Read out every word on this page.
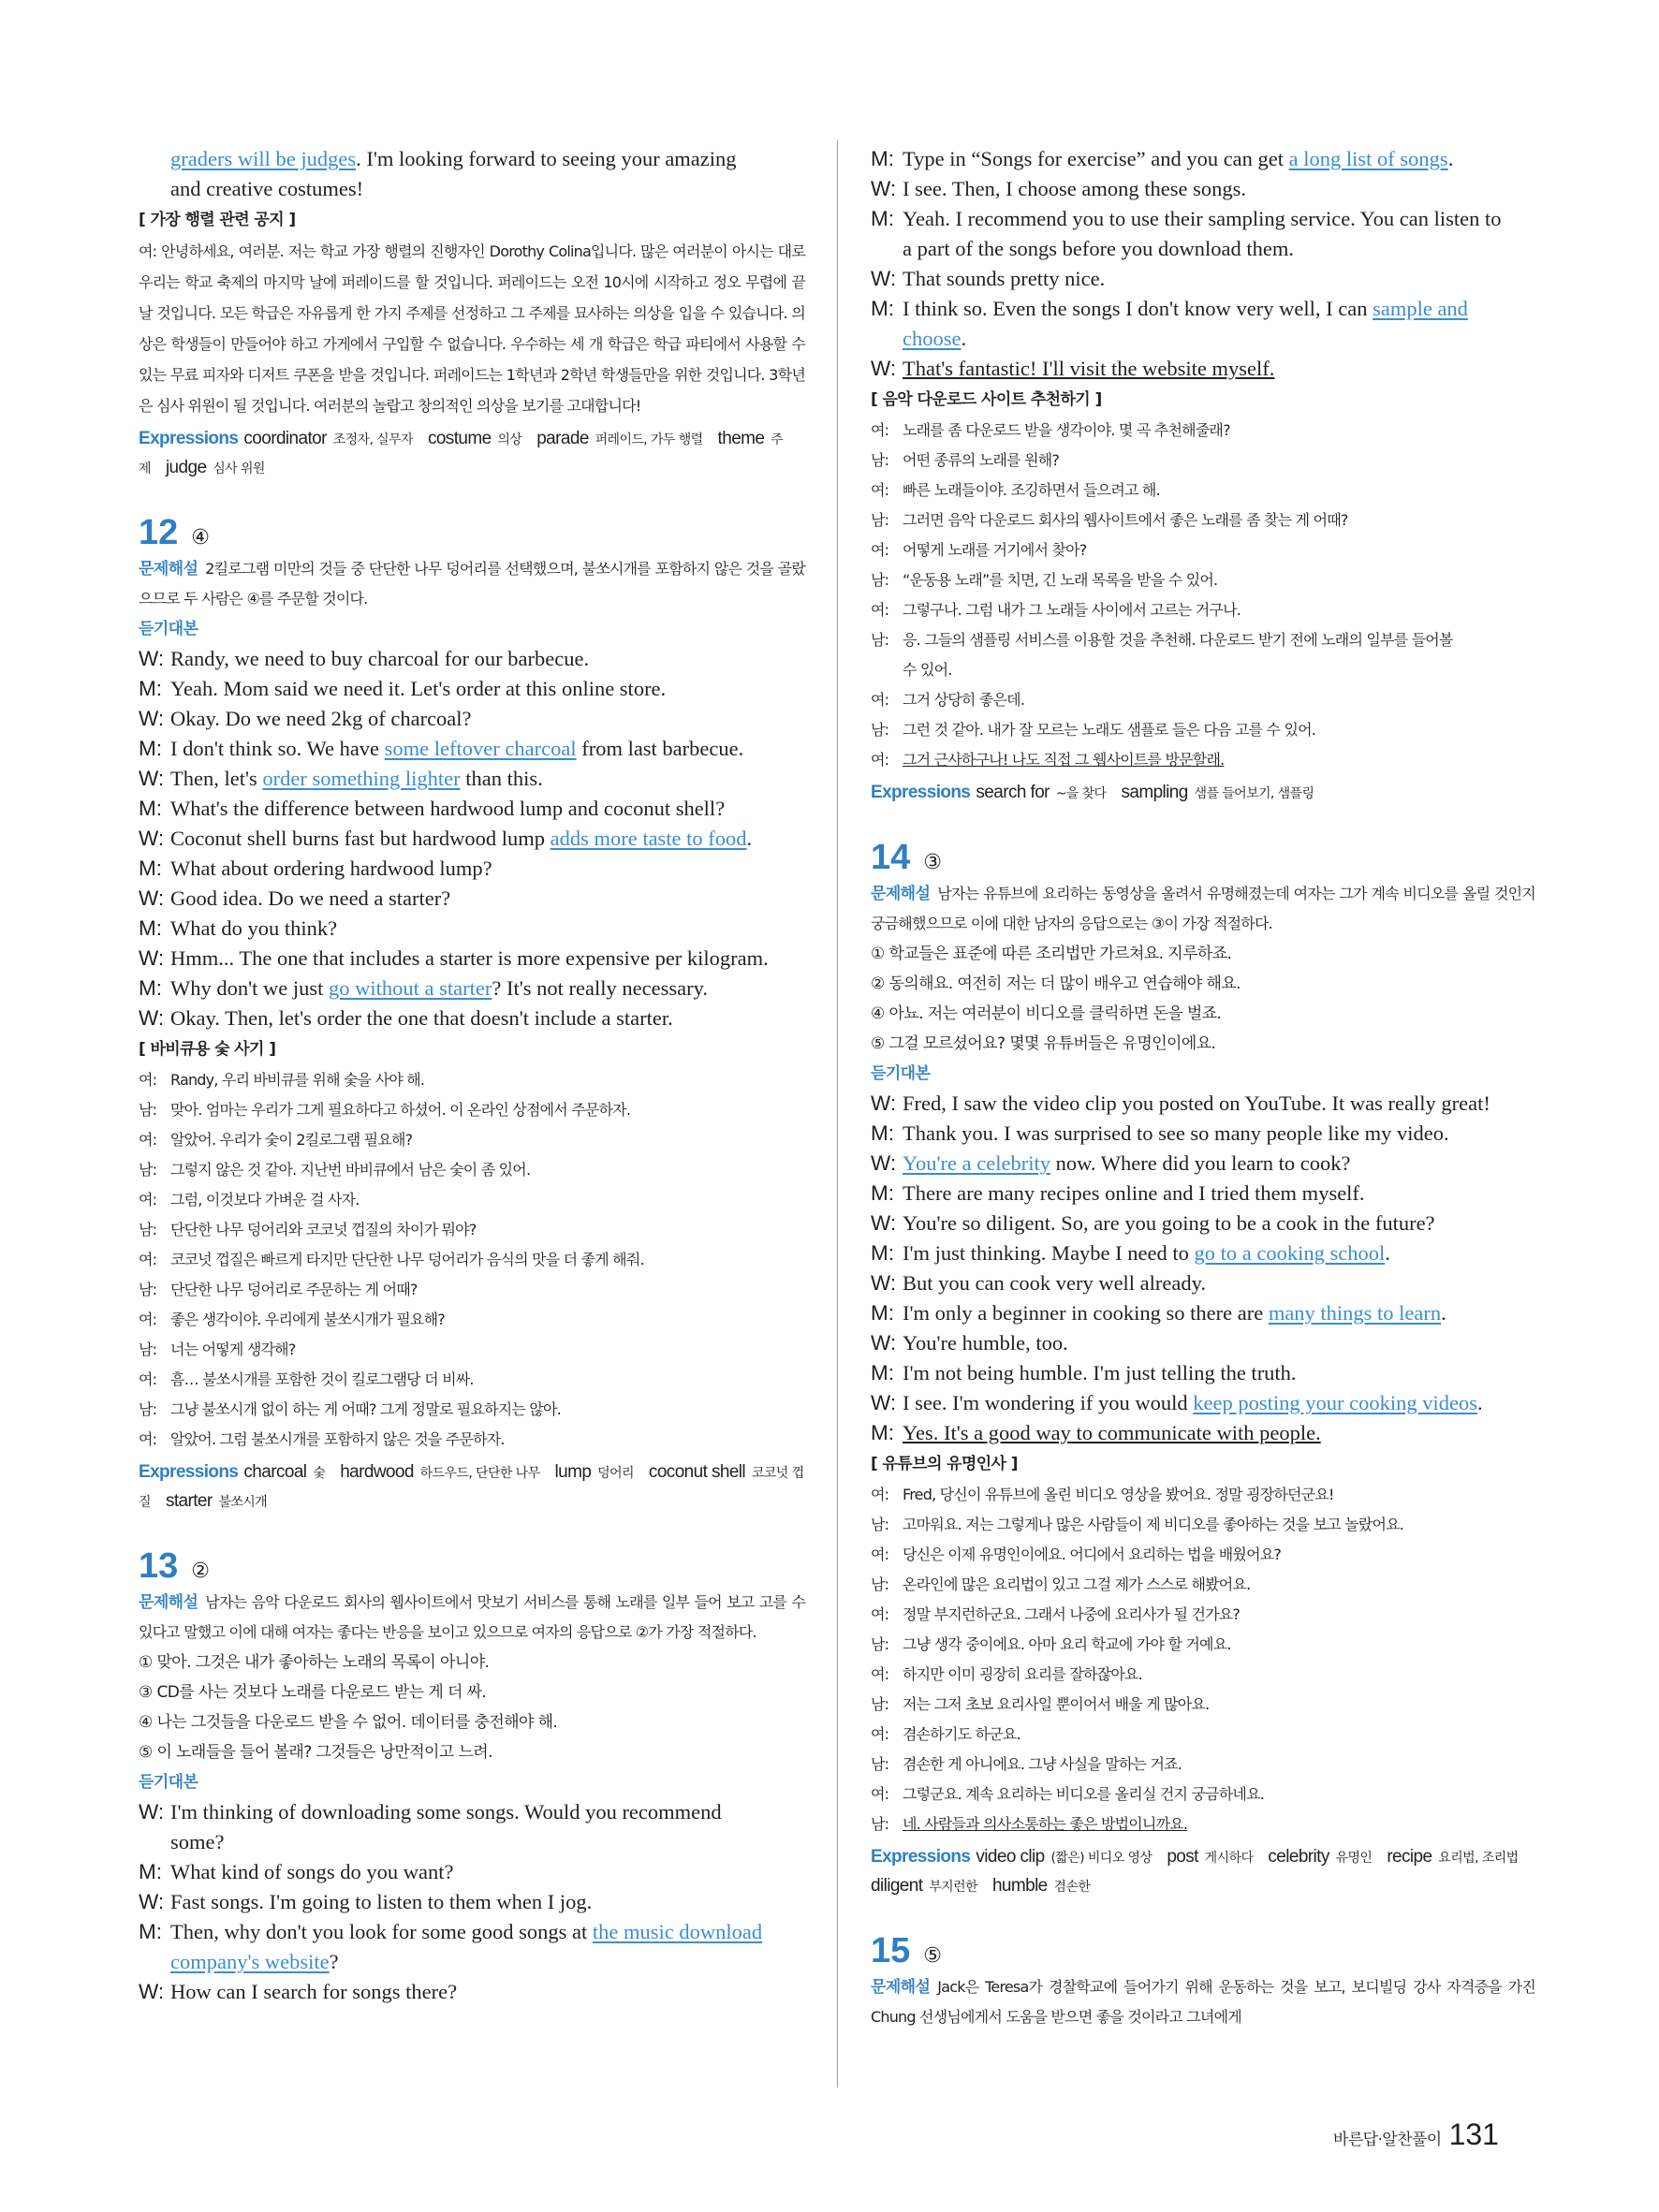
graders will be judges. I'm looking forward to seeing your amazing
and creative costumes!
[ 가장 행렬 관련 공지 ]
여: 안녕하세요, 여러분. 저는 학교 가장 행렬의 진행자인 Dorothy Colina입니다. 많은 여러분이 아시는 대로 우리는 학교 축제의 마지막 날에 퍼레이드를 할 것입니다. 퍼레이드는 오전 10시에 시작하고 정오 무렵에 끝날 것입니다. 모든 학급은 자유롭게 한 가지 주제를 선정하고 그 주제를 묘사하는 의상을 입을 수 있습니다. 의상은 학생들이 만들어야 하고 가게에서 구입할 수 없습니다. 우수하는 세 개 학급은 학급 파티에서 사용할 수 있는 무료 피자와 디저트 쿠폰을 받을 것입니다. 퍼레이드는 1학년과 2학년 학생들만을 위한 것입니다. 3학년은 심사 위원이 될 것입니다. 여러분의 놀랍고 창의적인 의상을 보기를 고대합니다!
Expressions coordinator 조정자, 실무자 costume 의상 parade 퍼레이드, 가두 행렬 theme 주제 judge 심사 위원
12 ④
문제해설 2킬로그램 미만의 것들 중 단단한 나무 덩어리를 선택했으며, 불쏘시개를 포함하지 않은 것을 골랐으므로 두 사람은 ④를 주문할 것이다.
듣기대본
W: Randy, we need to buy charcoal for our barbecue.
M: Yeah. Mom said we need it. Let's order at this online store.
W: Okay. Do we need 2kg of charcoal?
M: I don't think so. We have some leftover charcoal from last barbecue.
W: Then, let's order something lighter than this.
M: What's the difference between hardwood lump and coconut shell?
W: Coconut shell burns fast but hardwood lump adds more taste to food.
M: What about ordering hardwood lump?
W: Good idea. Do we need a starter?
M: What do you think?
W: Hmm... The one that includes a starter is more expensive per kilogram.
M: Why don't we just go without a starter? It's not really necessary.
W: Okay. Then, let's order the one that doesn't include a starter.
[ 바비큐용 숯 사기 ]
여: Randy, 우리 바비큐를 위해 숯을 사야 해.
남: 맞아. 엄마는 우리가 그게 필요하다고 하셨어. 이 온라인 상점에서 주문하자.
여: 알았어. 우리가 숯이 2킬로그램 필요해?
남: 그렇지 않은 것 같아. 지난번 바비큐에서 남은 숯이 좀 있어.
여: 그럼, 이것보다 가벼운 걸 사자.
남: 단단한 나무 덩어리와 코코넛 껍질의 차이가 뭐야?
여: 코코넛 껍질은 빠르게 타지만 단단한 나무 덩어리가 음식의 맛을 더 좋게 해줘.
남: 단단한 나무 덩어리로 주문하는 게 어때?
여: 좋은 생각이야. 우리에게 불쏘시개가 필요해?
남: 너는 어떻게 생각해?
여: 흠… 불쏘시개를 포함한 것이 킬로그램당 더 비싸.
남: 그냥 불쏘시개 없이 하는 게 어때? 그게 정말로 필요하지는 않아.
여: 알았어. 그럼 불쏘시개를 포함하지 않은 것을 주문하자.
Expressions charcoal 숯 hardwood 하드우드, 단단한 나무 lump 덩어리 coconut shell 코코넛 껍질 starter 불쏘시개
13 ②
문제해설 남자는 음악 다운로드 회사의 웹사이트에서 맛보기 서비스를 통해 노래를 일부 들어 보고 고를 수 있다고 말했고 이에 대해 여자는 좋다는 반응을 보이고 있으므로 여자의 응답으로 ②가 가장 적절하다.
① 맞아. 그것은 내가 좋아하는 노래의 목록이 아니야.
③ CD를 사는 것보다 노래를 다운로드 받는 게 더 싸.
④ 나는 그것들을 다운로드 받을 수 없어. 데이터를 충전해야 해.
⑤ 이 노래들을 들어 볼래? 그것들은 낭만적이고 느려.
듣기대본
W: I'm thinking of downloading some songs. Would you recommend
some?
M: What kind of songs do you want?
W: Fast songs. I'm going to listen to them when I jog.
M: Then, why don't you look for some good songs at the music download
company's website?
W: How can I search for songs there?
M: Type in “Songs for exercise” and you can get a long list of songs.
W: I see. Then, I choose among these songs.
M: Yeah. I recommend you to use their sampling service. You can listen to
a part of the songs before you download them.
W: That sounds pretty nice.
M: I think so. Even the songs I don't know very well, I can sample and
choose.
W: That's fantastic! I'll visit the website myself.
[ 음악 다운로드 사이트 추천하기 ]
여: 노래를 좀 다운로드 받을 생각이야. 몇 곡 추천해줄래?
남: 어떤 종류의 노래를 원해?
여: 빠른 노래들이야. 조깅하면서 들으려고 해.
남: 그러면 음악 다운로드 회사의 웹사이트에서 좋은 노래를 좀 찾는 게 어때?
여: 어떻게 노래를 거기에서 찾아?
남: “운동용 노래”를 치면, 긴 노래 목록을 받을 수 있어.
여: 그렇구나. 그럼 내가 그 노래들 사이에서 고르는 거구나.
남: 응. 그들의 샘플링 서비스를 이용할 것을 추천해. 다운로드 받기 전에 노래의 일부를 들어볼
수 있어.
여: 그거 상당히 좋은데.
남: 그런 것 같아. 내가 잘 모르는 노래도 샘플로 들은 다음 고를 수 있어.
여: 그거 근사하구나! 나도 직접 그 웹사이트를 방문할래.
Expressions search for ~을 찾다 sampling 샘플 들어보기, 샘플링
14 ③
문제해설 남자는 유튜브에 요리하는 동영상을 올려서 유명해졌는데 여자는 그가 계속 비디오를 올릴 것인지 궁금해했으므로 이에 대한 남자의 응답으로는 ③이 가장 적절하다.
① 학교들은 표준에 따른 조리법만 가르쳐요. 지루하죠.
② 동의해요. 여전히 저는 더 많이 배우고 연습해야 해요.
④ 아뇨. 저는 여러분이 비디오를 클릭하면 돈을 벌죠.
⑤ 그걸 모르셨어요? 몇몇 유튜버들은 유명인이에요.
듣기대본
W: Fred, I saw the video clip you posted on YouTube. It was really great!
M: Thank you. I was surprised to see so many people like my video.
W: You're a celebrity now. Where did you learn to cook?
M: There are many recipes online and I tried them myself.
W: You're so diligent. So, are you going to be a cook in the future?
M: I'm just thinking. Maybe I need to go to a cooking school.
W: But you can cook very well already.
M: I'm only a beginner in cooking so there are many things to learn.
W: You're humble, too.
M: I'm not being humble. I'm just telling the truth.
W: I see. I'm wondering if you would keep posting your cooking videos.
M: Yes. It's a good way to communicate with people.
[ 유튜브의 유명인사 ]
여: Fred, 당신이 유튜브에 올린 비디오 영상을 봤어요. 정말 굉장하던군요!
남: 고마워요. 저는 그렇게나 많은 사람들이 제 비디오를 좋아하는 것을 보고 놀랐어요.
여: 당신은 이제 유명인이에요. 어디에서 요리하는 법을 배웠어요?
남: 온라인에 많은 요리법이 있고 그걸 제가 스스로 해봤어요.
여: 정말 부지런하군요. 그래서 나중에 요리사가 될 건가요?
남: 그냥 생각 중이에요. 아마 요리 학교에 가야 할 거예요.
여: 하지만 이미 굉장히 요리를 잘하잖아요.
남: 저는 그저 초보 요리사일 뿐이어서 배울 게 많아요.
여: 겸손하기도 하군요.
남: 겸손한 게 아니에요. 그냥 사실을 말하는 거죠.
여: 그렇군요. 계속 요리하는 비디오를 올리실 건지 궁금하네요.
남: 네. 사람들과 의사소통하는 좋은 방법이니까요.
Expressions video clip (짧은) 비디오 영상 post 게시하다 celebrity 유명인 recipe 요리법, 조리법diligent 부지런한 humble 겸손한
15 ⑤
문제해설 Jack은 Teresa가 경찰학교에 들어가기 위해 운동하는 것을 보고, 보디빌딩 강사 자격증을 가진 Chung 선생님에게서 도움을 받으면 좋을 것이라고 그녀에게
바른답·알찬풀이 131
